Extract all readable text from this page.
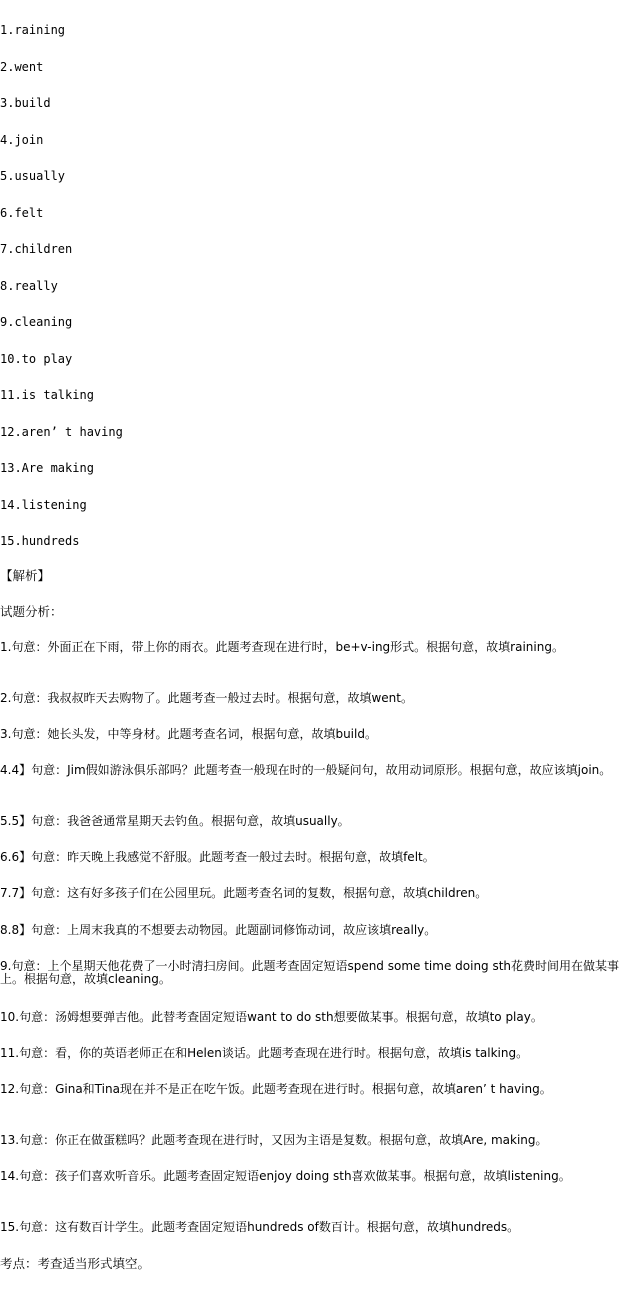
1.raining
2.went
3.build
4.join
5.usually
6.felt
7.children
8.really
9.cleaning
10.to play
11.is talking
12.aren’ t having
13.Are making
14.listening
15.hundreds
【解析】
试题分析：

1.句意：外面正在下雨，带上你的雨衣。此题考查现在进行时，be+v-ing形式。根据句意，故填raining。

2.句意：我叔叔昨天去购物了。此题考查一般过去时。根据句意，故填went。

3.句意：她长头发，中等身材。此题考查名词，根据句意，故填build。

4.4】句意：Jim假如游泳俱乐部吗？此题考查一般现在时的一般疑问句，故用动词原形。根据句意，故应该填join。

5.5】句意：我爸爸通常星期天去钓鱼。根据句意，故填usually。

6.6】句意：昨天晚上我感觉不舒服。此题考查一般过去时。根据句意，故填felt。

7.7】句意：这有好多孩子们在公园里玩。此题考查名词的复数，根据句意，故填children。

8.8】句意：上周末我真的不想要去动物园。此题副词修饰动词，故应该填really。

9.句意：上个星期天他花费了一小时清扫房间。此题考查固定短语spend some time doing sth花费时间用在做某事上。根据句意，故填cleaning。

10.句意：汤姆想要弹吉他。此替考查固定短语want to do sth想要做某事。根据句意，故填to play。

11.句意：看，你的英语老师正在和Helen谈话。此题考查现在进行时。根据句意，故填is talking。

12.句意：Gina和Tina现在并不是正在吃午饭。此题考查现在进行时。根据句意，故填aren’ t having。

13.句意：你正在做蛋糕吗？此题考查现在进行时，又因为主语是复数。根据句意，故填Are, making。

14.句意：孩子们喜欢听音乐。此题考查固定短语enjoy doing sth喜欢做某事。根据句意，故填listening。

15.句意：这有数百计学生。此题考查固定短语hundreds of数百计。根据句意，故填hundreds。

考点：考查适当形式填空。
